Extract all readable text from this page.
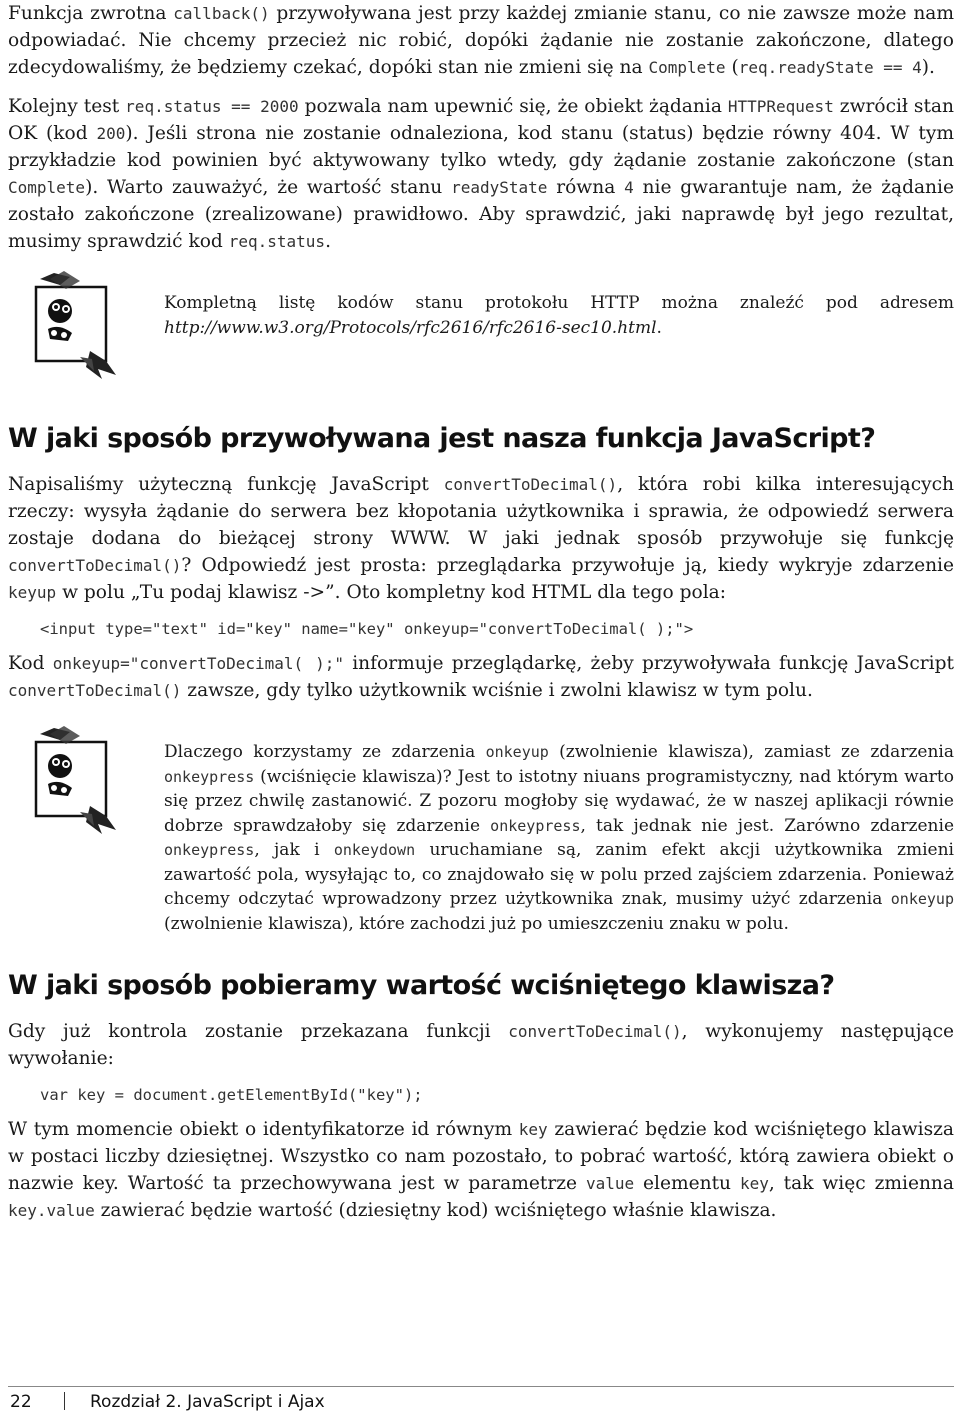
Funkcja zwrotna callback() przywoływana jest przy każdej zmianie stanu, co nie zawsze może nam odpowiadać. Nie chcemy przecież nic robić, dopóki żądanie nie zostanie zakończone, dlatego zdecydowaliśmy, że będziemy czekać, dopóki stan nie zmieni się na Complete (req.readyState == 4).

Kolejny test req.status == 2000 pozwala nam upewnić się, że obiekt żądania HTTPRequest zwrócił stan OK (kod 200). Jeśli strona nie zostanie odnaleziona, kod stanu (status) będzie równy 404. W tym przykładzie kod powinien być aktywowany tylko wtedy, gdy żądanie zostanie zakończone (stan Complete). Warto zauważyć, że wartość stanu readyState równa 4 nie gwarantuje nam, że żądanie zostało zakończone (zrealizowane) prawidłowo. Aby sprawdzić, jaki naprawdę był jego rezultat, musimy sprawdzić kod req.status.

Kompletną listę kodów stanu protokołu HTTP można znaleźć pod adresem http://www.w3.org/Protocols/rfc2616/rfc2616-sec10.html.
W jaki sposób przywoływana jest nasza funkcja JavaScript?

Napisaliśmy użyteczną funkcję JavaScript convertToDecimal(), która robi kilka interesujących rzeczy: wysyła żądanie do serwera bez kłopotania użytkownika i sprawia, że odpowiedź serwera zostaje dodana do bieżącej strony WWW. W jaki jednak sposób przywołuje się funkcję convertToDecimal()? Odpowiedź jest prosta: przeglądarka przywołuje ją, kiedy wykryje zdarzenie keyup w polu „Tu podaj klawisz ->”. Oto kompletny kod HTML dla tego pola:

<input type="text" id="key" name="key" onkeyup="convertToDecimal( );">

Kod onkeyup="convertToDecimal( );" informuje przeglądarkę, żeby przywoływała funkcję JavaScript convertToDecimal() zawsze, gdy tylko użytkownik wciśnie i zwolni klawisz w tym polu.

Dlaczego korzystamy ze zdarzenia onkeyup (zwolnienie klawisza), zamiast ze zdarzenia onkeypress (wciśnięcie klawisza)? Jest to istotny niuans programistyczny, nad którym warto się przez chwilę zastanowić. Z pozoru mogłoby się wydawać, że w naszej aplikacji równie dobrze sprawdzałoby się zdarzenie onkeypress, tak jednak nie jest. Zarówno zdarzenie onkeypress, jak i onkeydown uruchamiane są, zanim efekt akcji użytkownika zmieni zawartość pola, wysyłając to, co znajdowało się w polu przed zajściem zdarzenia. Ponieważ chcemy odczytać wprowadzony przez użytkownika znak, musimy użyć zdarzenia onkeyup (zwolnienie klawisza), które zachodzi już po umieszczeniu znaku w polu.
W jaki sposób pobieramy wartość wciśniętego klawisza?

Gdy już kontrola zostanie przekazana funkcji convertToDecimal(), wykonujemy następujące wywołanie:

var key = document.getElementById("key");

W tym momencie obiekt o identyfikatorze id równym key zawierać będzie kod wciśniętego klawisza w postaci liczby dziesiętnej. Wszystko co nam pozostało, to pobrać wartość, którą zawiera obiekt o nazwie key. Wartość ta przechowywana jest w parametrze value elementu key, tak więc zmienna key.value zawierać będzie wartość (dziesiętny kod) wciśniętego właśnie klawisza.

22	Rozdział 2. JavaScript i Ajax
